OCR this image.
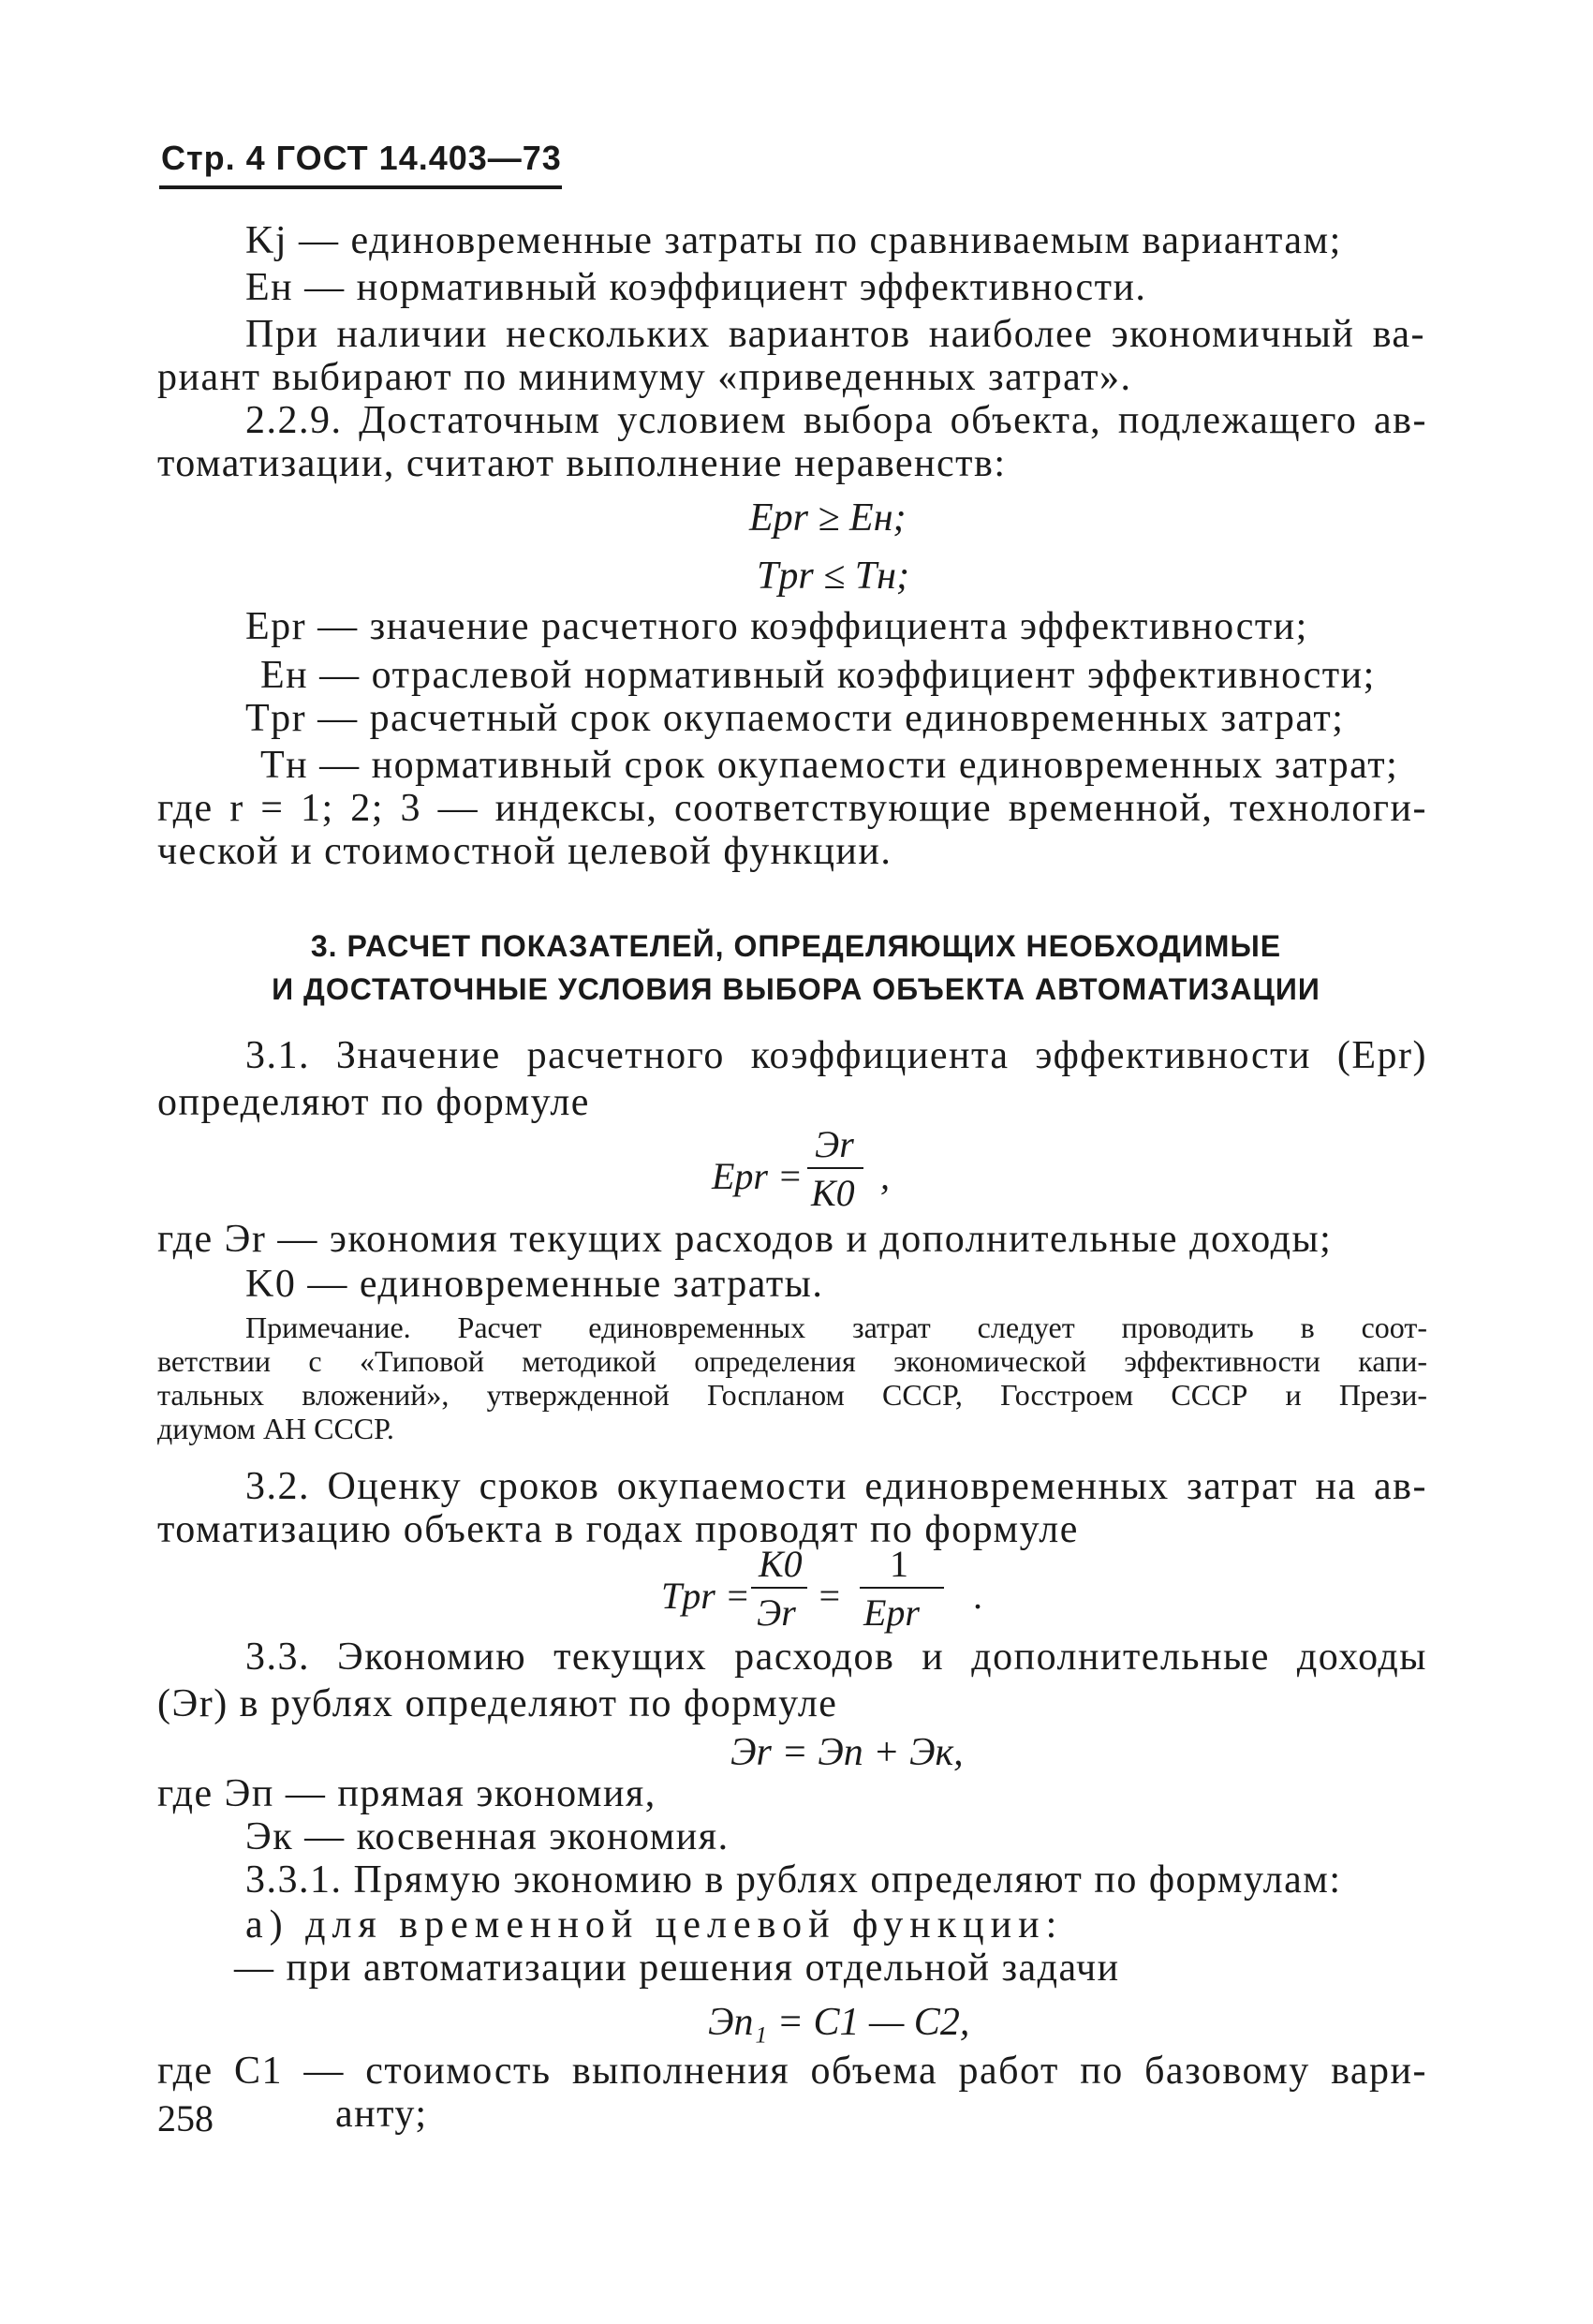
Стр. 4 ГОСТ 14.403—73
Kj — единовременные затраты по сравниваемым вариантам;
Eн — нормативный коэффициент эффективности.
При наличии нескольких вариантов наиболее экономичный ва-
риант выбирают по минимуму «приведенных затрат».
2.2.9. Достаточным условием выбора объекта, подлежащего ав-
томатизации, считают выполнение неравенств:
Epr ≥ Eн;
Tpr ≤ Tн;
Epr — значение расчетного коэффициента эффективности;
Eн — отраслевой нормативный коэффициент эффективности;
Tpr — расчетный срок окупаемости единовременных затрат;
Tн — нормативный срок окупаемости единовременных затрат;
где r = 1; 2; 3 — индексы, соответствующие временной, технологи-
ческой и стоимостной целевой функции.
3. РАСЧЕТ ПОКАЗАТЕЛЕЙ, ОПРЕДЕЛЯЮЩИХ НЕОБХОДИМЫЕ
И ДОСТАТОЧНЫЕ УСЛОВИЯ ВЫБОРА ОБЪЕКТА АВТОМАТИЗАЦИИ
3.1. Значение расчетного коэффициента эффективности (Epr)
определяют по формуле
Epr =
Эr
K0 ,
где Эr — экономия текущих расходов и дополнительные доходы;
K0 — единовременные затраты.
Примечание. Расчет единовременных затрат следует проводить в соот-
ветствии с «Типовой методикой определения экономической эффективности капи-
тальных вложений», утвержденной Госпланом СССР, Госстроем СССР и Прези-
диумом АН СССР.
3.2. Оценку сроков окупаемости единовременных затрат на ав-
томатизацию объекта в годах проводят по формуле
Tpr =
K0
Эr =
1
Epr .
3.3. Экономию текущих расходов и дополнительные доходы
(Эr) в рублях определяют по формуле
Эr = Эп + Эк,
где Эп — прямая экономия,
Эк — косвенная экономия.
3.3.1. Прямую экономию в рублях определяют по формулам:
а) для временной целевой функции:
— при автоматизации решения отдельной задачи
Эп₁ = C1 — C2,
где C1 — стоимость выполнения объема работ по базовому вари-
анту;
258
